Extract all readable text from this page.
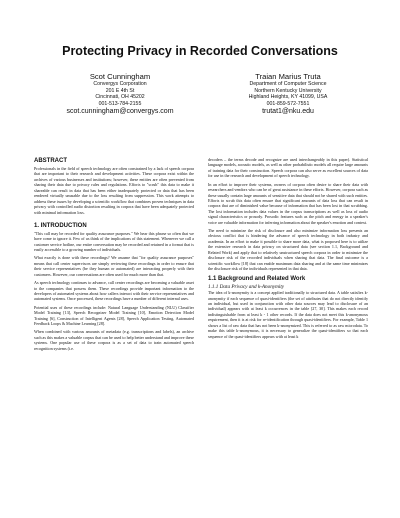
Protecting Privacy in Recorded Conversations
Scot Cunningham
Convergys Corporation
201 E 4th St
Cincinnati, OH 45202
001-513-784-2155
scot.cunningham@convergys.com
Traian Marius Truta
Department of Computer Science
Northern Kentucky University
Highland Heights, KY 41099, USA
001-859-572-7551
trutat1@nku.edu
ABSTRACT

Professionals in the field of speech technology are often constrained by a lack of speech corpora that are important to their research and development activities. These corpora exist within the archives of various businesses and institutions; however, these entities are often prevented from sharing their data due to privacy rules and regulations. Efforts to "scrub" this data to make it shareable can result in data that has been either inadequately protected or data that has been rendered virtually unusable due to the loss resulting from suppression. This work attempts to address these issues by developing a scientific workflow that combines proven techniques in data privacy with controlled audio distortion resulting in corpora that have been adequately protected with minimal information loss.

1. INTRODUCTION

"This call may be recorded for quality assurance purposes." We hear this phrase so often that we have come to ignore it. Few of us think of the implications of this statement. Whenever we call a customer service hotline, our entire conversation may be recorded and retained in a format that is easily accessible to a growing number of individuals.

What exactly is done with these recordings? We assume that "for quality assurance purposes" means that call center supervisors are simply reviewing these recordings in order to ensure that their service representatives (be they human or automated) are interacting properly with their customers. However, our conversations are often used for much more than that.

As speech technology continues to advance, call center recordings are becoming a valuable asset to the companies that possess them. These recordings provide important information to the developers of automated systems about how callers interact with their service representatives and automated systems. Once processed, these recordings have a number of different internal uses.

Potential uses of these recordings include: Natural Language Understanding (NLU) Classifier Model Training [13], Speech Recognizer Model Training [10], Emotion Detection Model Training [6], Construction of Intelligent Agents [28], Speech Application Testing, Automated Feedback Loops & Machine Learning [28].

When combined with various amounts of metadata (e.g. transcriptions and labels), an archive such as this makes a valuable corpus that can be used to help better understand and improve these systems. One popular use of these corpora is as a set of data to train automated speech recognition systems (i.e.

decoders – the terms decode and recognize are used interchangeably in this paper). Statistical language models, acoustic models, as well as other probabilistic models all require large amounts of training data for their construction. Speech corpora can also serve as excellent sources of data for use in the research and development of speech technology.

In an effort to improve their systems, owners of corpora often desire to share their data with researchers and vendors who can be of great assistance in these efforts. However, corpora such as these usually contain large amounts of sensitive data that should not be shared with such entities. Efforts to scrub this data often ensure that significant amounts of data loss that can result in corpora that are of diminished value because of information that has been lost in that scrubbing. The lost information includes data values in the corpus transcriptions as well as loss of audio signal characteristics or prosody. Prosodic features such as the pitch and energy in a speaker's voice are valuable information for inferring information about the speaker's emotion and context.

The need to minimize the risk of disclosure and also minimize information loss presents an obvious conflict that is hindering the advance of speech technology in both industry and academia. In an effort to make it possible to share more data, what is proposed here is to utilize the extensive research in data privacy on structured data (see section 1.1, Background and Related Work) and apply that to relatively unstructured speech corpora in order to minimize the disclosure risk of the recorded individuals when sharing that data. The final outcome is a scientific workflow [18] that can enable maximum data sharing and at the same time minimizes the disclosure risk of the individuals represented in that data.

1.1 Background and Related Work
1.1.1 Data Privacy and k-Anonymity

The idea of k-anonymity is a concept applied traditionally to structured data. A table satisfies k-anonymity if each sequence of quasi-identifiers (the set of attributes that do not directly identify an individual, but used in conjunction with other data sources may lead to disclosure of an individual) appears with at least k occurrences in the table [27, 30]. This makes each record indistinguishable from at least k - 1 other records. If the data does not meet this k-anonymous requirement, then it is at risk for re-identification through quasi-identifiers. For example, Table 1 shows a list of raw data that has not been k-anonymized. This is referred to as raw microdata. To make this table k-anonymous, it is necessary to generalize the quasi-identifiers so that each sequence of the quasi-identifiers appears with at least k
